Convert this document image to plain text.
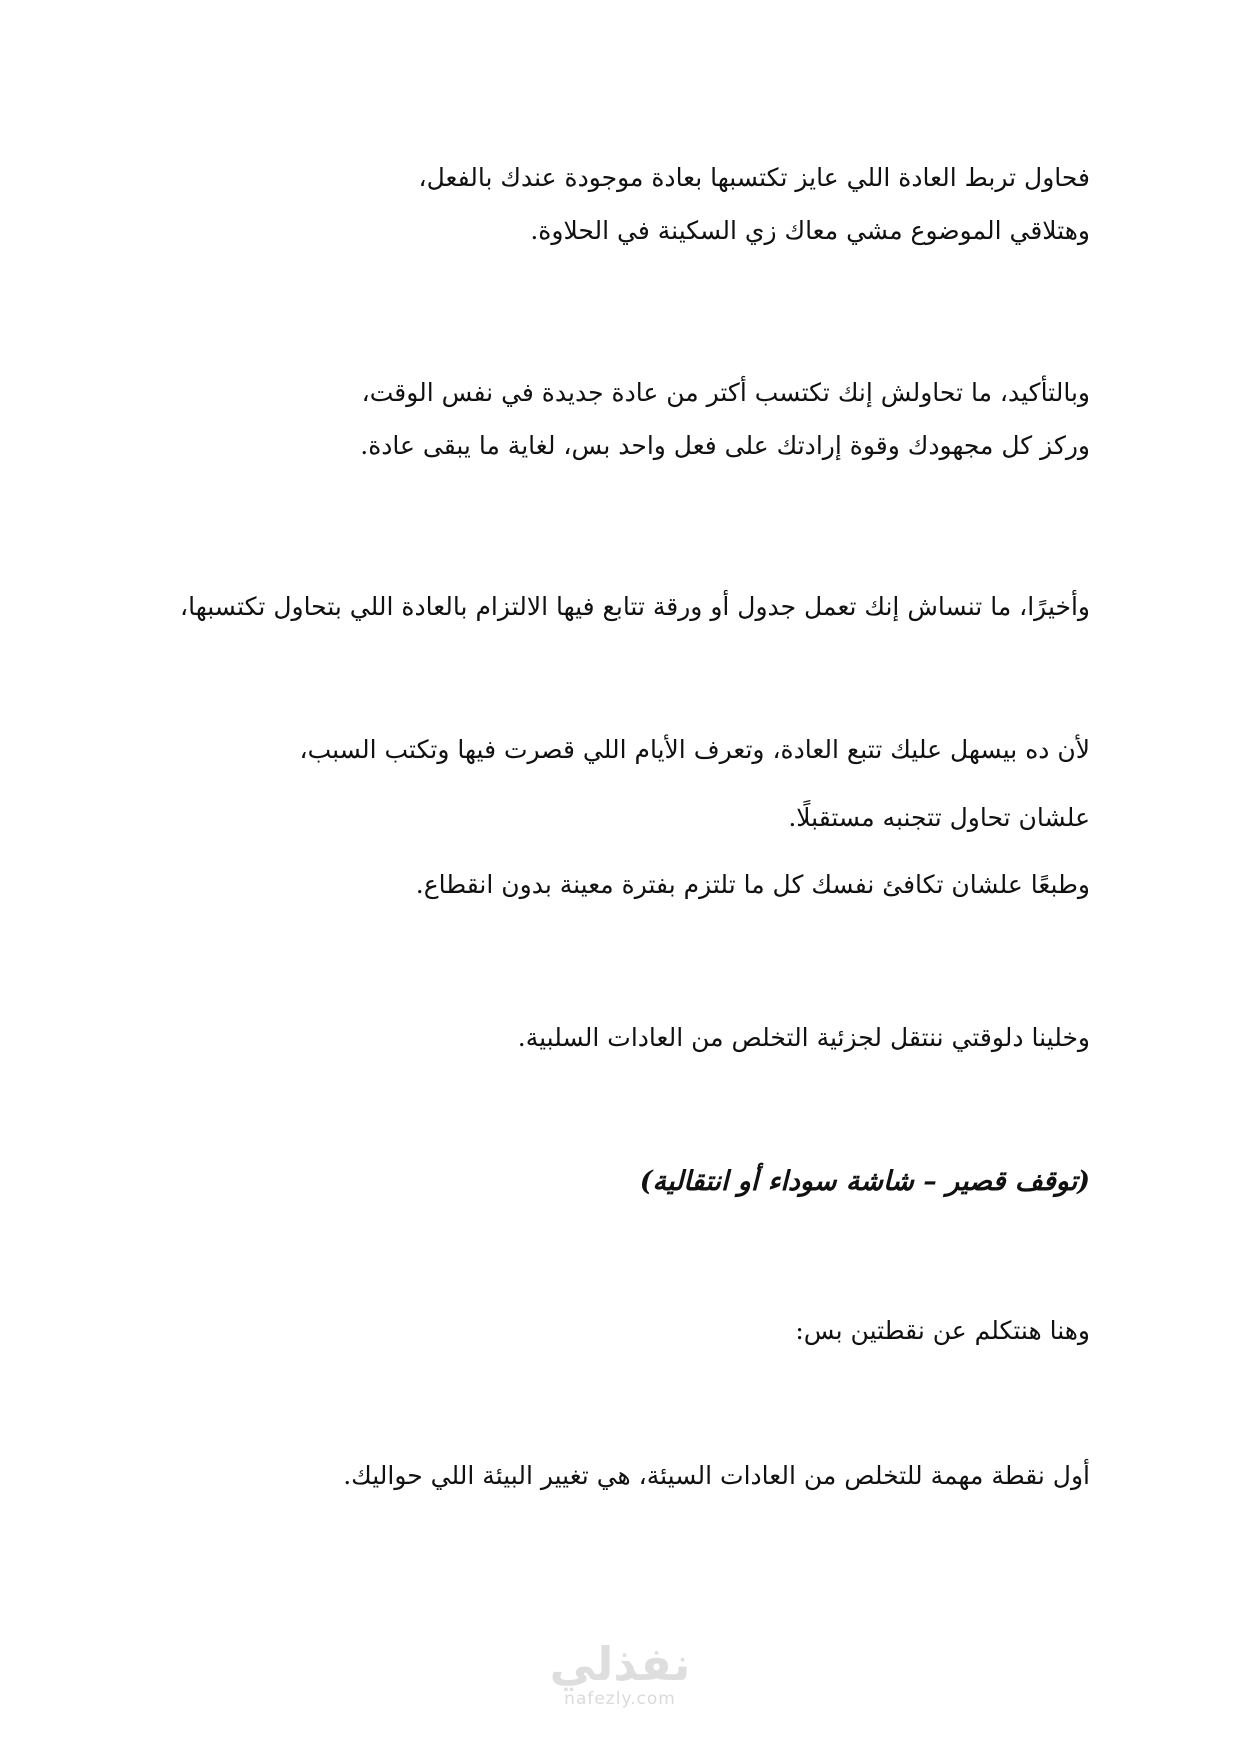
فحاول تربط العادة اللي عايز تكتسبها بعادة موجودة عندك بالفعل،
وهتلاقي الموضوع مشي معاك زي السكينة في الحلاوة.
وبالتأكيد، ما تحاولش إنك تكتسب أكتر من عادة جديدة في نفس الوقت،
وركز كل مجهودك وقوة إرادتك على فعل واحد بس، لغاية ما يبقى عادة.
وأخيرًا، ما تنساش إنك تعمل جدول أو ورقة تتابع فيها الالتزام بالعادة اللي بتحاول تكتسبها،
لأن ده بيسهل عليك تتبع العادة، وتعرف الأيام اللي قصرت فيها وتكتب السبب،
علشان تحاول تتجنبه مستقبلًا.
وطبعًا علشان تكافئ نفسك كل ما تلتزم بفترة معينة بدون انقطاع.
وخلينا دلوقتي ننتقل لجزئية التخلص من العادات السلبية.
(توقف قصير – شاشة سوداء أو انتقالية)
وهنا هنتكلم عن نقطتين بس:
أول نقطة مهمة للتخلص من العادات السيئة، هي تغيير البيئة اللي حواليك.
نفذلي
nafezly.com
